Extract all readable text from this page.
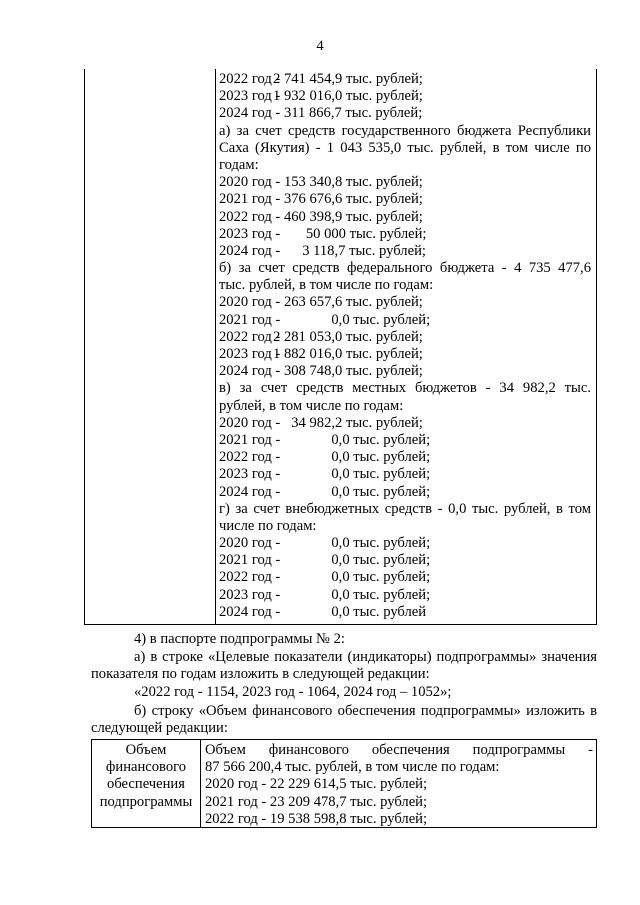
4
2022 год -2 741 454,9 тыс. рублей;
2023 год -1 932 016,0 тыс. рублей;
2024 год -   311 866,7 тыс. рублей;
а) за счет средств государственного бюджета Республики
Саха (Якутия) - 1 043 535,0 тыс. рублей, в том числе по
годам:
2020 год -   153 340,8 тыс. рублей;
2021 год -   376 676,6 тыс. рублей;
2022 год -   460 398,9 тыс. рублей;
2023 год -         50 000 тыс. рублей;
2024 год -        3 118,7 тыс. рублей;
б) за счет средств федерального бюджета - 4 735 477,6
тыс. рублей, в том числе по годам:
2020 год -   263 657,6 тыс. рублей;
2021 год -                0,0 тыс. рублей;
2022 год -2 281 053,0 тыс. рублей;
2023 год -1 882 016,0 тыс. рублей;
2024 год -   308 748,0 тыс. рублей;
в) за счет средств местных бюджетов - 34 982,2 тыс.
рублей, в том числе по годам:
2020 год -     34 982,2 тыс. рублей;
2021 год -                0,0 тыс. рублей;
2022 год -                0,0 тыс. рублей;
2023 год -                0,0 тыс. рублей;
2024 год -                0,0 тыс. рублей;
г) за счет внебюджетных средств - 0,0 тыс. рублей, в том
числе по годам:
2020 год -                0,0 тыс. рублей;
2021 год -                0,0 тыс. рублей;
2022 год -                0,0 тыс. рублей;
2023 год -                0,0 тыс. рублей;
2024 год -                0,0 тыс. рублей
4) в паспорте подпрограммы № 2:
а) в строке «Целевые показатели (индикаторы) подпрограммы» значения
показателя по годам изложить в следующей редакции:
«2022 год - 1154, 2023 год - 1064, 2024 год – 1052»;
б) строку «Объем финансового обеспечения подпрограммы» изложить в
следующей редакции:
Объем
финансового
обеспечения
подпрограммы
Объем финансового обеспечения подпрограммы -
87 566 200,4 тыс. рублей, в том числе по годам:
2020 год - 22 229 614,5 тыс. рублей;
2021 год - 23 209 478,7 тыс. рублей;
2022 год - 19 538 598,8 тыс. рублей;
